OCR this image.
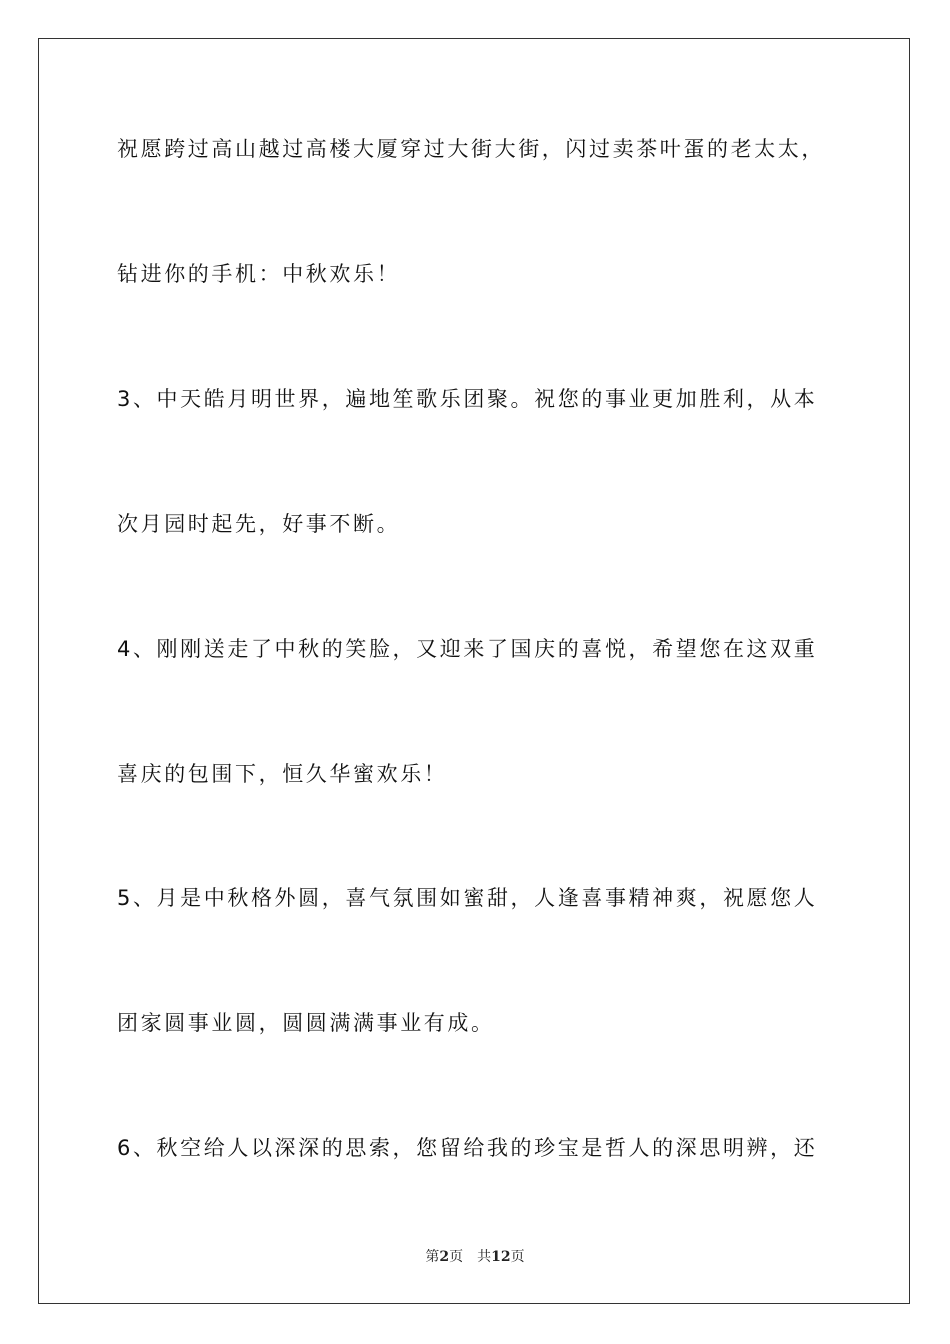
祝愿跨过高山越过高楼大厦穿过大街大街，闪过卖茶叶蛋的老太太，
钻进你的手机：中秋欢乐！
3、中天皓月明世界，遍地笙歌乐团聚。祝您的事业更加胜利，从本
次月园时起先，好事不断。
4、刚刚送走了中秋的笑脸，又迎来了国庆的喜悦，希望您在这双重
喜庆的包围下，恒久华蜜欢乐！
5、月是中秋格外圆，喜气氛围如蜜甜，人逢喜事精神爽，祝愿您人
团家圆事业圆，圆圆满满事业有成。
6、秋空给人以深深的思索，您留给我的珍宝是哲人的深思明辨，还
第2页 共12页
